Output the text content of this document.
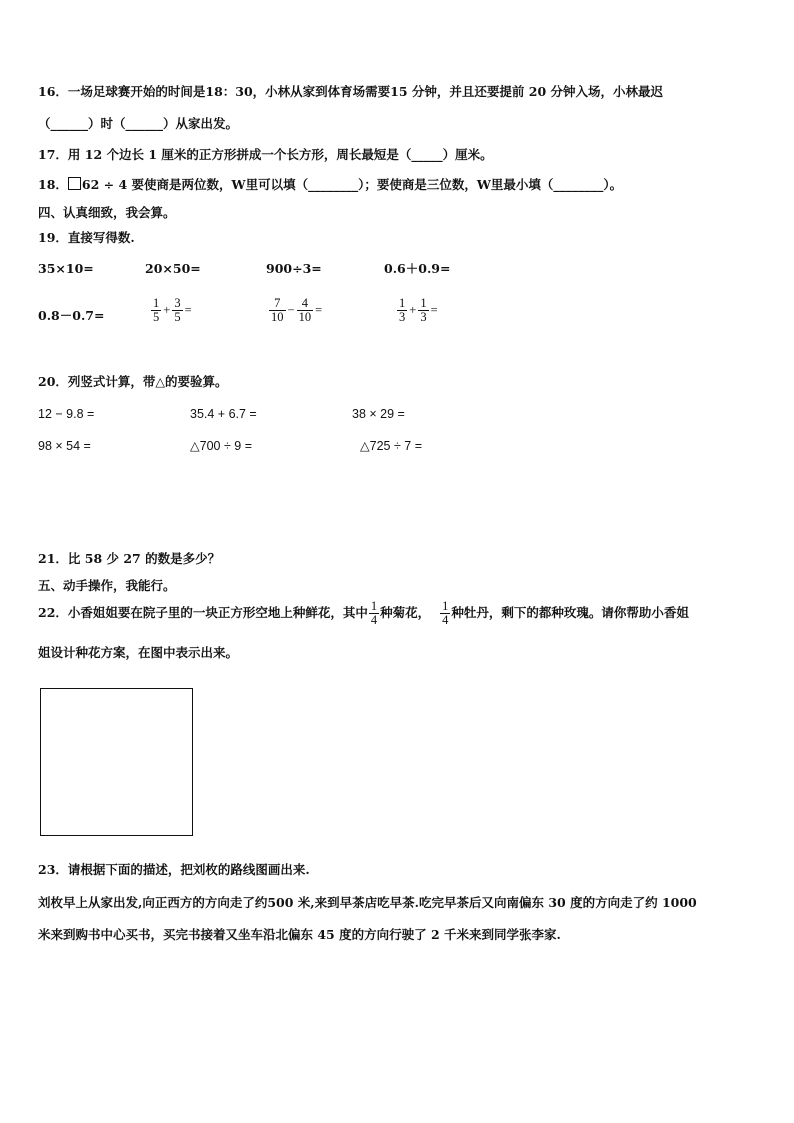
16．一场足球赛开始的时间是18：30，小林从家到体育场需要15 分钟，并且还要提前 20 分钟入场，小林最迟
（______）时（______）从家出发。
17．用 12 个边长 1 厘米的正方形拼成一个长方形，周长最短是（_____）厘米。
18． 62 ÷ 4 要使商是两位数，W里可以填（________）；要使商是三位数，W里最小填（________）。
四、认真细致，我会算。
19．直接写得数.
35×10=	20×50=	900÷3=	0.6＋0.9=
0.8－0.7=	$\frac{1}{5} + \frac{3}{5}$ =	$\frac{7}{10} - \frac{4}{10}$ =	$\frac{1}{3} + \frac{1}{3}$ =
20．列竖式计算，带△的要验算。
12 − 9.8 =	35.4 + 6.7 =	38 × 29 =
98 × 54 =	△700 ÷ 9 =	△725 ÷ 7 =
21．比 58 少 27 的数是多少？
五、动手操作，我能行。
22．小香姐姐要在院子里的一块正方形空地上种鲜花，其中 $\frac{1}{4}$ 种菊花， $\frac{1}{4}$ 种牡丹，剩下的都种玫瑰。请你帮助小香姐
姐设计种花方案，在图中表示出来。
23．请根据下面的描述，把刘枚的路线图画出来.
刘枚早上从家出发,向正西方的方向走了约500 米,来到早茶店吃早茶.吃完早茶后又向南偏东 30 度的方向走了约 1000
米来到购书中心买书，买完书接着又坐车沿北偏东 45 度的方向行驶了 2 千米来到同学张李家.
